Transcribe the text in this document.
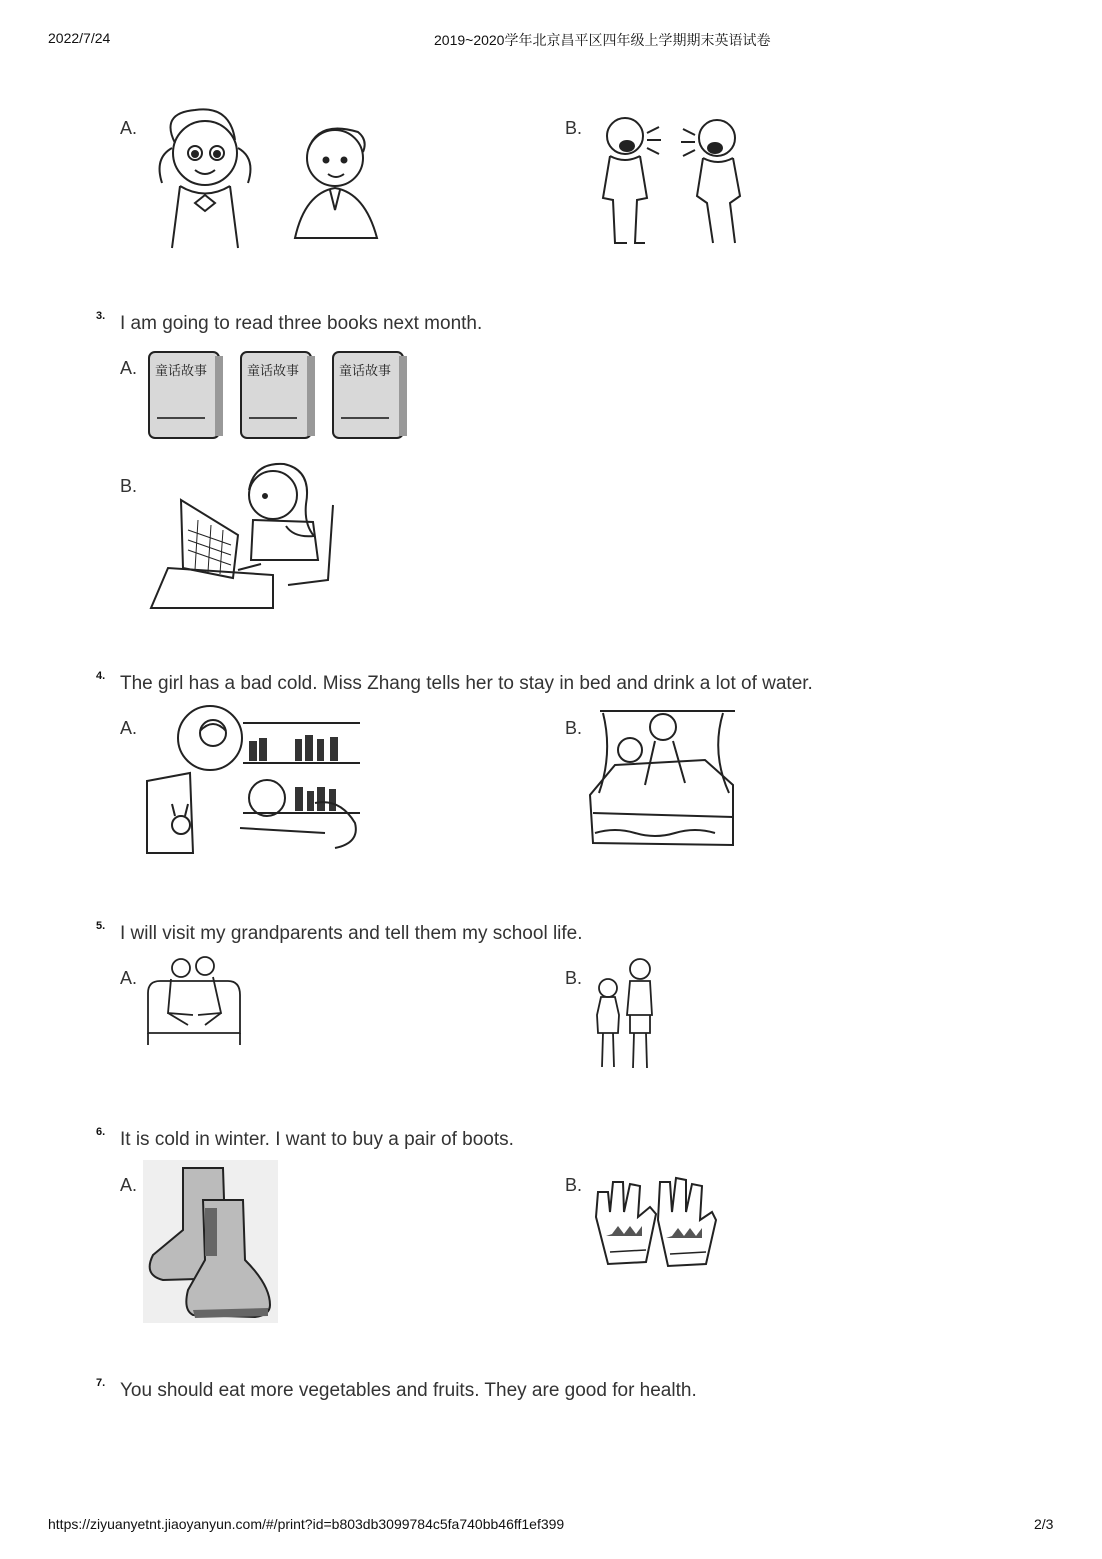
2022/7/24	2019~2020学年北京昌平区四年级上学期期末英语试卷
A.	B.
3. I am going to read three books next month.
A. 童话故事	童话故事	童话故事
B.
4. The girl has a bad cold. Miss Zhang tells her to stay in bed and drink a lot of water.
A.	B.
5. I will visit my grandparents and tell them my school life.
A.	B.
6. It is cold in winter. I want to buy a pair of boots.
A.	B.
7. You should eat more vegetables and fruits. They are good for health.
https://ziyuanyetnt.jiaoyanyun.com/#/print?id=b803db3099784c5fa740bb46ff1ef399	2/3
